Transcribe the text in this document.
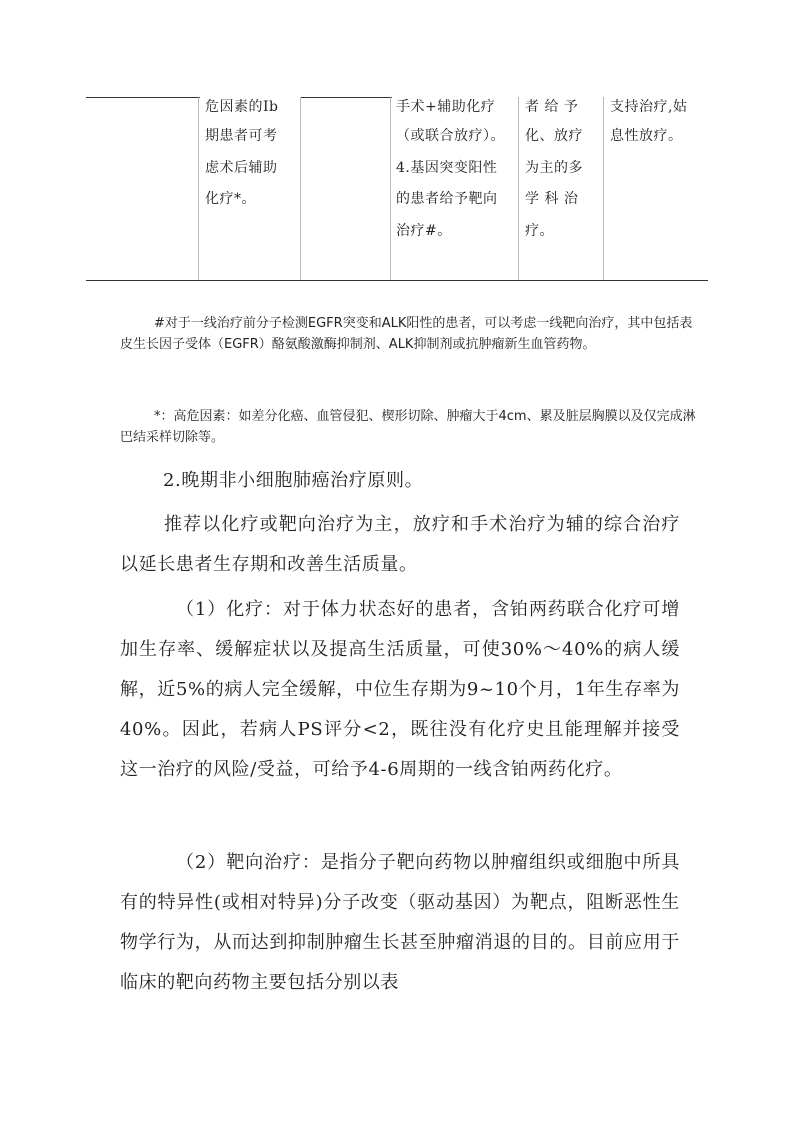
危因素的Ib
期患者可考
虑术后辅助
化疗*。
手术+辅助化疗
（或联合放疗）。
4.基因突变阳性
的患者给予靶向
治疗#。
者 给 予
化、放疗
为主的多
学 科 治
疗。
支持治疗,姑
息性放疗。

#对于一线治疗前分子检测EGFR突变和ALK阳性的患者，可以考虑一线靶向治疗，其中包括表皮生长因子受体（EGFR）酪氨酸激酶抑制剂、ALK抑制剂或抗肿瘤新生血管药物。

*：高危因素：如差分化癌、血管侵犯、楔形切除、肿瘤大于4cm、累及脏层胸膜以及仅完成淋巴结采样切除等。

2.晚期非小细胞肺癌治疗原则。

推荐以化疗或靶向治疗为主，放疗和手术治疗为辅的综合治疗以延长患者生存期和改善生活质量。

（1）化疗：对于体力状态好的患者，含铂两药联合化疗可增加生存率、缓解症状以及提高生活质量，可使30%～40%的病人缓解，近5%的病人完全缓解，中位生存期为9~10个月，1年生存率为40%。因此，若病人PS评分<2，既往没有化疗史且能理解并接受这一治疗的风险/受益，可给予4-6周期的一线含铂两药化疗。

（2）靶向治疗：是指分子靶向药物以肿瘤组织或细胞中所具有的特异性(或相对特异)分子改变（驱动基因）为靶点，阻断恶性生物学行为，从而达到抑制肿瘤生长甚至肿瘤消退的目的。目前应用于临床的靶向药物主要包括分别以表
